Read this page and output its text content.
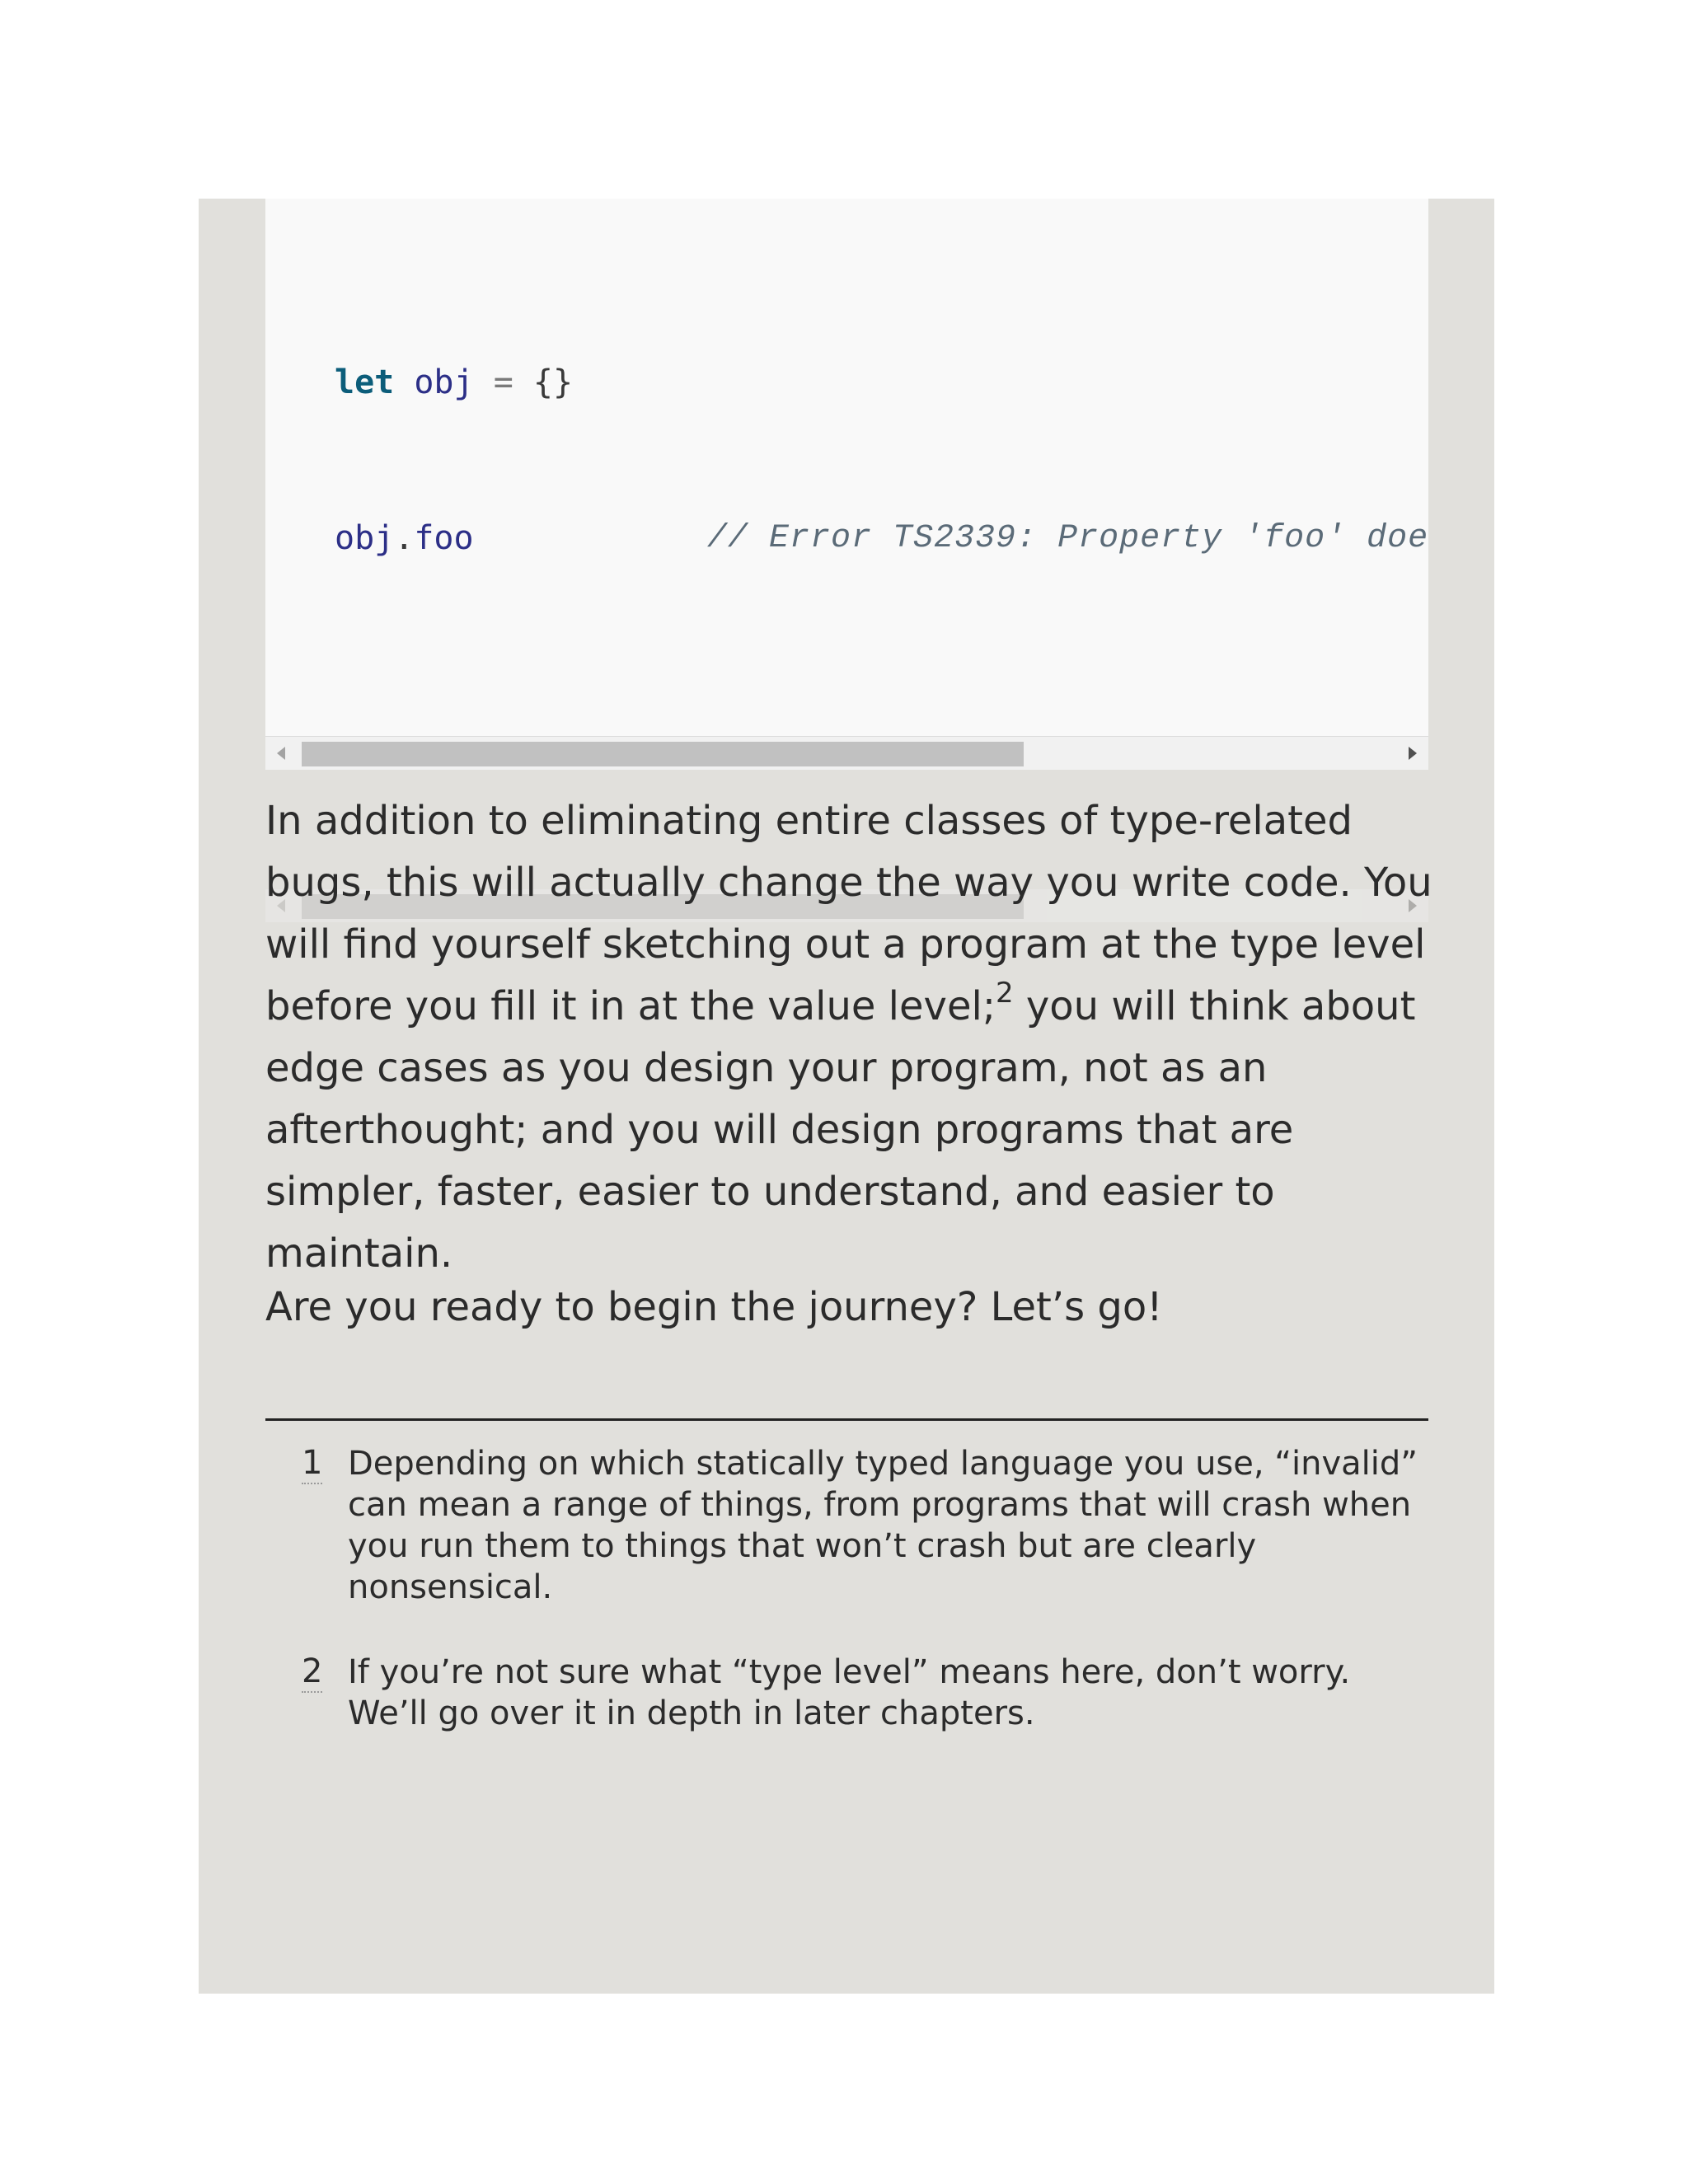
let obj = {}

obj.foo	// Error TS2339: Property 'foo' doe

In addition to eliminating entire classes of type-related bugs, this will actually change the way you write code. You will find yourself sketching out a program at the type level before you fill it in at the value level;$^2$ you will think about edge cases as you design your program, not as an afterthought; and you will design programs that are simpler, faster, easier to understand, and easier to maintain.

Are you ready to begin the journey? Let’s go!

1 Depending on which statically typed language you use, “invalid” can mean a range of things, from programs that will crash when you run them to things that won’t crash but are clearly nonsensical.
2 If you’re not sure what “type level” means here, don’t worry. We’ll go over it in depth in later chapters.
